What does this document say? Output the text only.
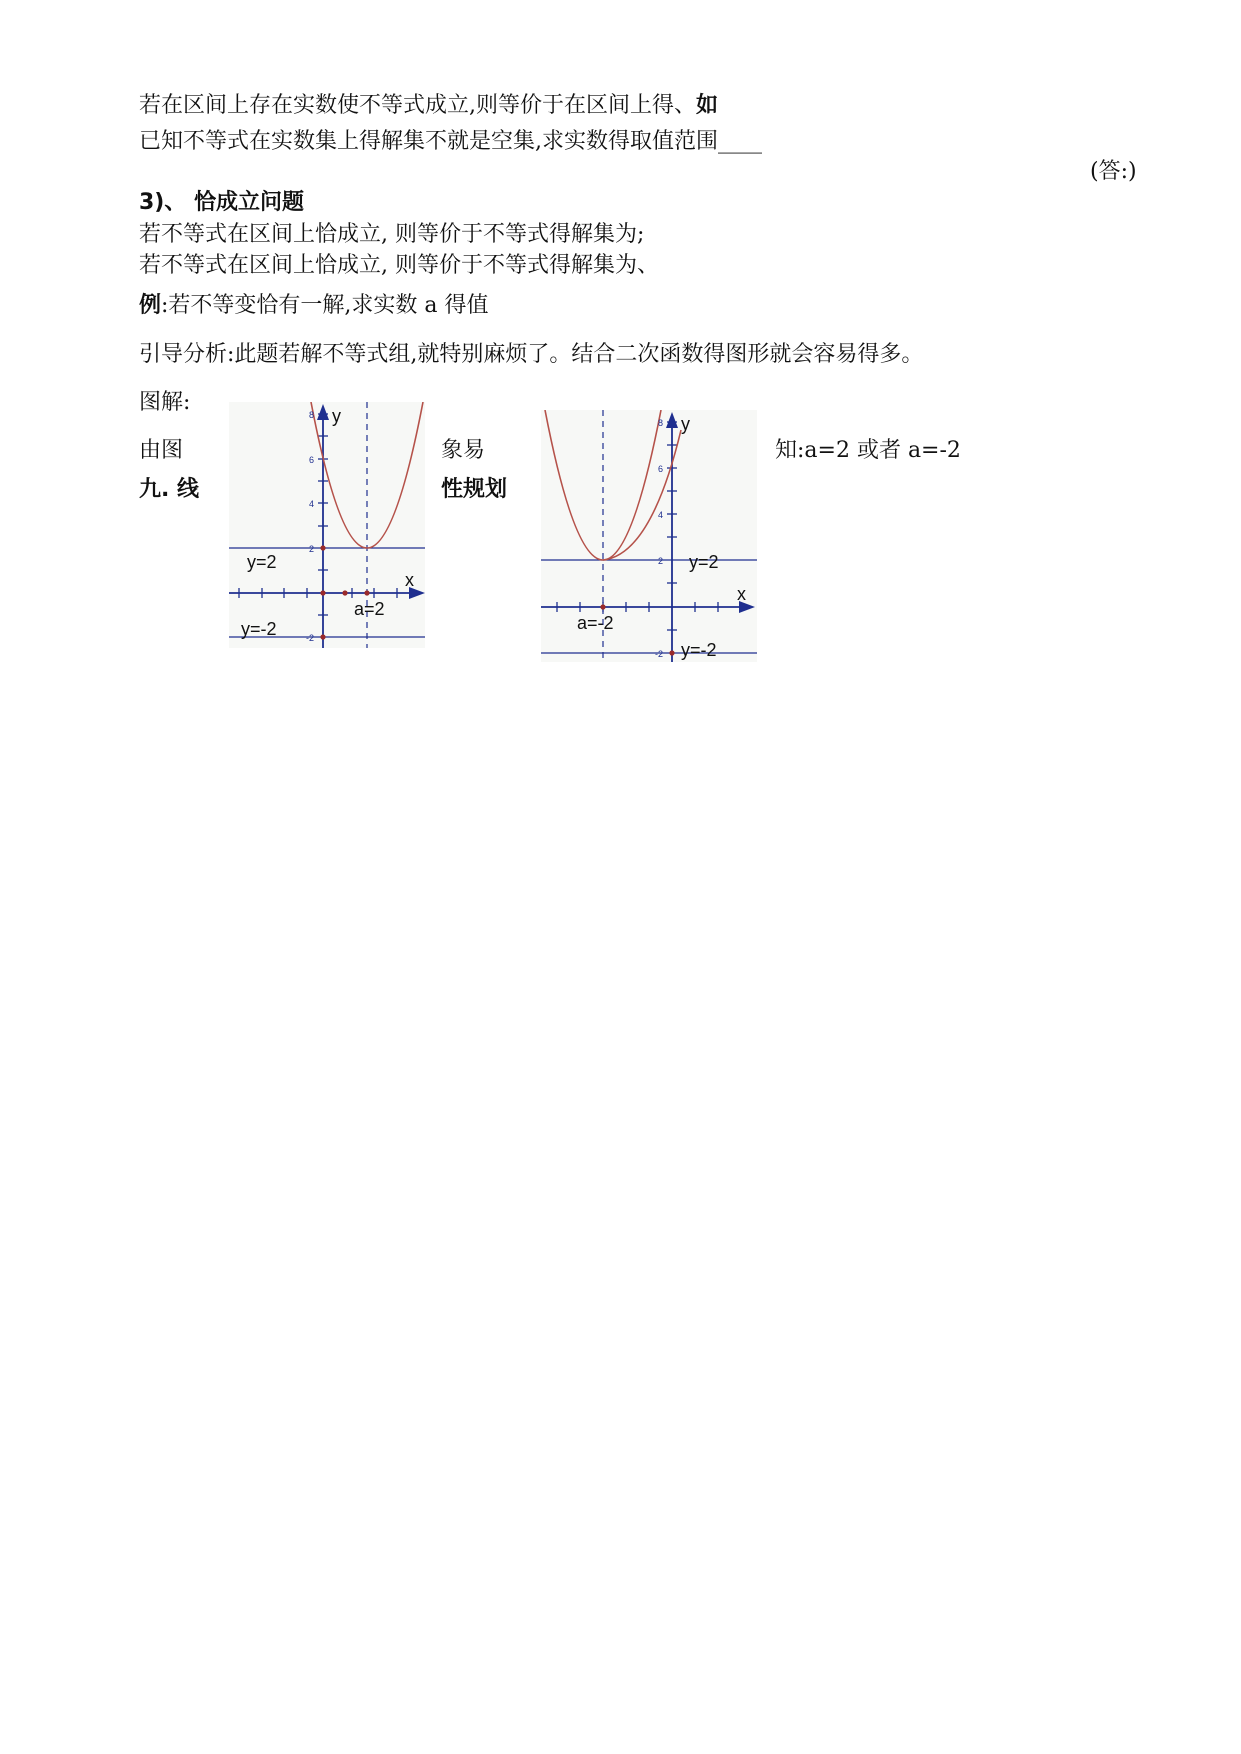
若在区间上存在实数使不等式成立,则等价于在区间上得、如
已知不等式在实数集上得解集不就是空集,求实数得取值范围____
(答:)
3)、 恰成立问题
若不等式在区间上恰成立, 则等价于不等式得解集为;
若不等式在区间上恰成立, 则等价于不等式得解集为、
例:若不等变恰有一解,求实数 a 得值
引导分析:此题若解不等式组,就特别麻烦了。结合二次函数得图形就会容易得多。
图解:
由图	象易	知:a=2 或者 a=-2
九. 线	性规划
8
6
4
2
-2
y
x
y=2
y=-2
a=2
8
6
4
2
-2
y
x
y=2
y=-2
a=-2
